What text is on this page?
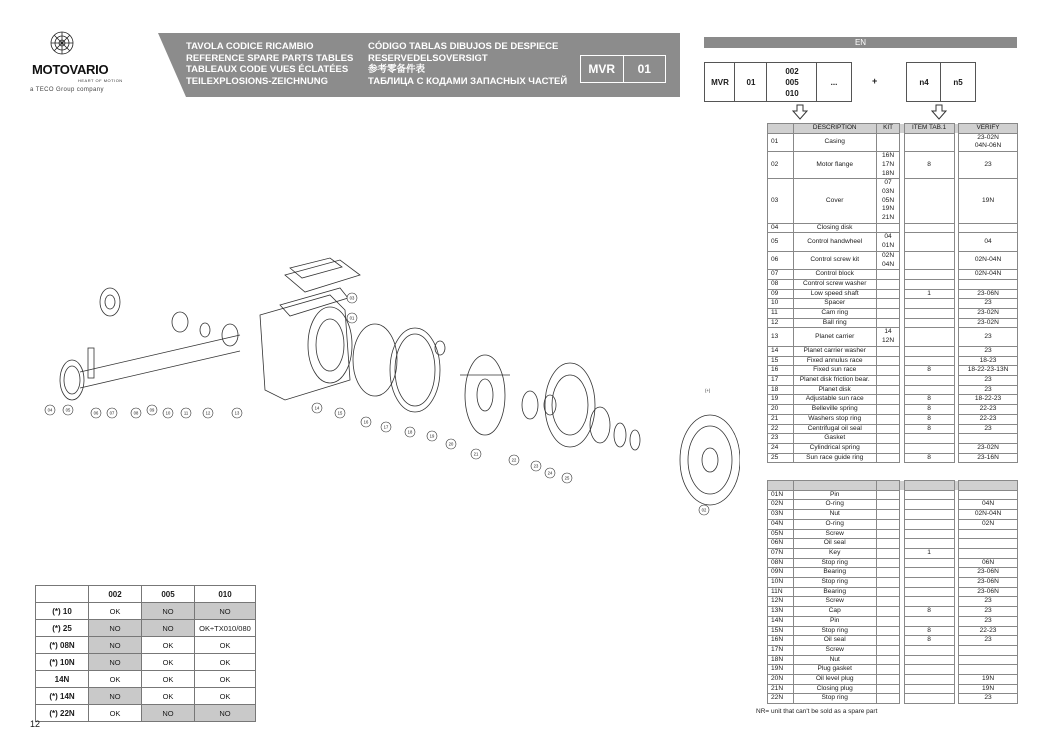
MOTOVARIO
HEART OF MOTION
a TECO Group company
TAVOLA CODICE RICAMBIO
REFERENCE SPARE PARTS TABLES
TABLEAUX CODE VUES ÉCLATÉES
TEILEXPLOSIONS-ZEICHNUNG
CÓDIGO TABLAS DIBUJOS DE DESPIECE
RESERVEDELSOVERSIGT
参考零备件表
ТАБЛИЦА С КОДАМИ ЗАПАСНЫХ ЧАСТЕЙ
MVR	01
EN
MVR	01
002
005
010
...	+	n4	n5
	DESCRIPTION	KIT		ITEM TAB.1		VERIFY
01	Casing					23-02N
04N-06N
02	Motor flange	16N
17N
18N		8		23
03	Cover	07
03N
05N
19N
21N				19N
04	Closing disk					
05	Control handwheel	04
01N				04
06	Control screw kit	02N
04N				02N-04N
07	Control block					02N-04N
08	Control screw washer					
09	Low speed shaft			1		23-06N
10	Spacer					23
11	Cam ring					23-02N
12	Ball ring					23-02N
13	Planet carrier	14
12N				23
14	Planet carrier washer					23
15	Fixed annulus race					18-23
16	Fixed sun race			8		18-22-23-13N
17	Planet disk friction bear.					23
18	Planet disk					23
19	Adjustable sun race			8		18-22-23
20	Belleville spring			8		22-23
21	Washers stop ring			8		22-23
22	Centrifugal oil seal			8		23
23	Gasket					
24	Cylindrical spring					23-02N
25	Sun race guide ring			8		23-16N

01N	Pin					
02N	O-ring					04N
03N	Nut					02N-04N
04N	O-ring					02N
05N	Screw					
06N	Oil seal					
07N	Key			1		
08N	Stop ring					06N
09N	Bearing					23-06N
10N	Stop ring					23-06N
11N	Bearing					23-06N
12N	Screw					23
13N	Cap			8		23
14N	Pin					23
15N	Stop ring			8		22-23
16N	Oil seal			8		23
17N	Screw					
18N	Nut					
19N	Plug gasket					
20N	Oil level plug					19N
21N	Closing plug					19N
22N	Stop ring					23
NR= unit that can't be sold as a spare part
	002	005	010
(*) 10	OK	NO	NO
(*) 25	NO	NO	OK÷TX010/080
(*) 08N	NO	OK	OK
(*) 10N	NO	OK	OK
14N	OK	OK	OK
(*) 14N	NO	OK	OK
(*) 22N	OK	NO	NO
12
01
02
03
04	05
06	07	08
09
10	11	12	13
14
15
16
17
18
19
20
21
22
23
24
25
(+)
